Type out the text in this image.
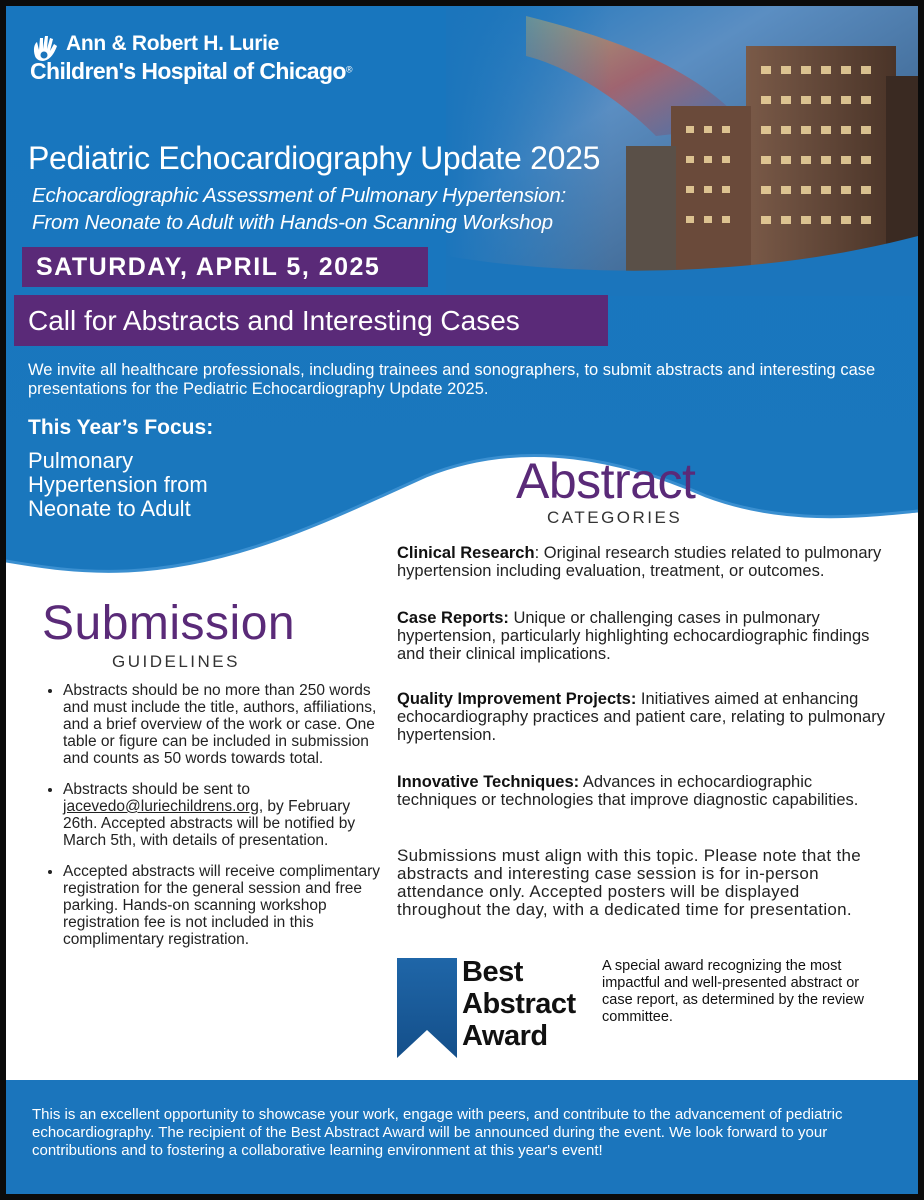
Ann & Robert H. Lurie
Children's Hospital of Chicago®
Pediatric Echocardiography Update 2025
Echocardiographic Assessment of Pulmonary Hypertension:
From Neonate to Adult with Hands-on Scanning Workshop
SATURDAY, APRIL 5, 2025
Call for Abstracts and Interesting Cases
We invite all healthcare professionals, including trainees and sonographers, to submit abstracts and interesting case presentations for the Pediatric Echocardiography Update 2025.
This Year’s Focus:
Pulmonary
Hypertension from
Neonate to Adult	Abstract
CATEGORIES
Clinical Research: Original research studies related to pulmonary hypertension including evaluation, treatment, or outcomes.
Case Reports: Unique or challenging cases in pulmonary hypertension, particularly highlighting echocardiographic findings and their clinical implications.
Quality Improvement Projects: Initiatives aimed at enhancing echocardiography practices and patient care, relating to pulmonary hypertension.
Innovative Techniques: Advances in echocardiographic techniques or technologies that improve diagnostic capabilities.
Submissions must align with this topic. Please note that the abstracts and interesting case session is for in-person attendance only. Accepted posters will be displayed throughout the day, with a dedicated time for presentation.
Submission
GUIDELINES
• Abstracts should be no more than 250 words and must include the title, authors, affiliations, and a brief overview of the work or case. One table or figure can be included in submission and counts as 50 words towards total.
• Abstracts should be sent to jacevedo@luriechildrens.org, by February 26th. Accepted abstracts will be notified by March 5th, with details of presentation.
• Accepted abstracts will receive complimentary registration for the general session and free parking. Hands-on scanning workshop registration fee is not included in this complimentary registration.
Best
Abstract
Award
A special award recognizing the most impactful and well-presented abstract or case report, as determined by the review committee.
This is an excellent opportunity to showcase your work, engage with peers, and contribute to the advancement of pediatric echocardiography. The recipient of the Best Abstract Award will be announced during the event. We look forward to your contributions and to fostering a collaborative learning environment at this year's event!
